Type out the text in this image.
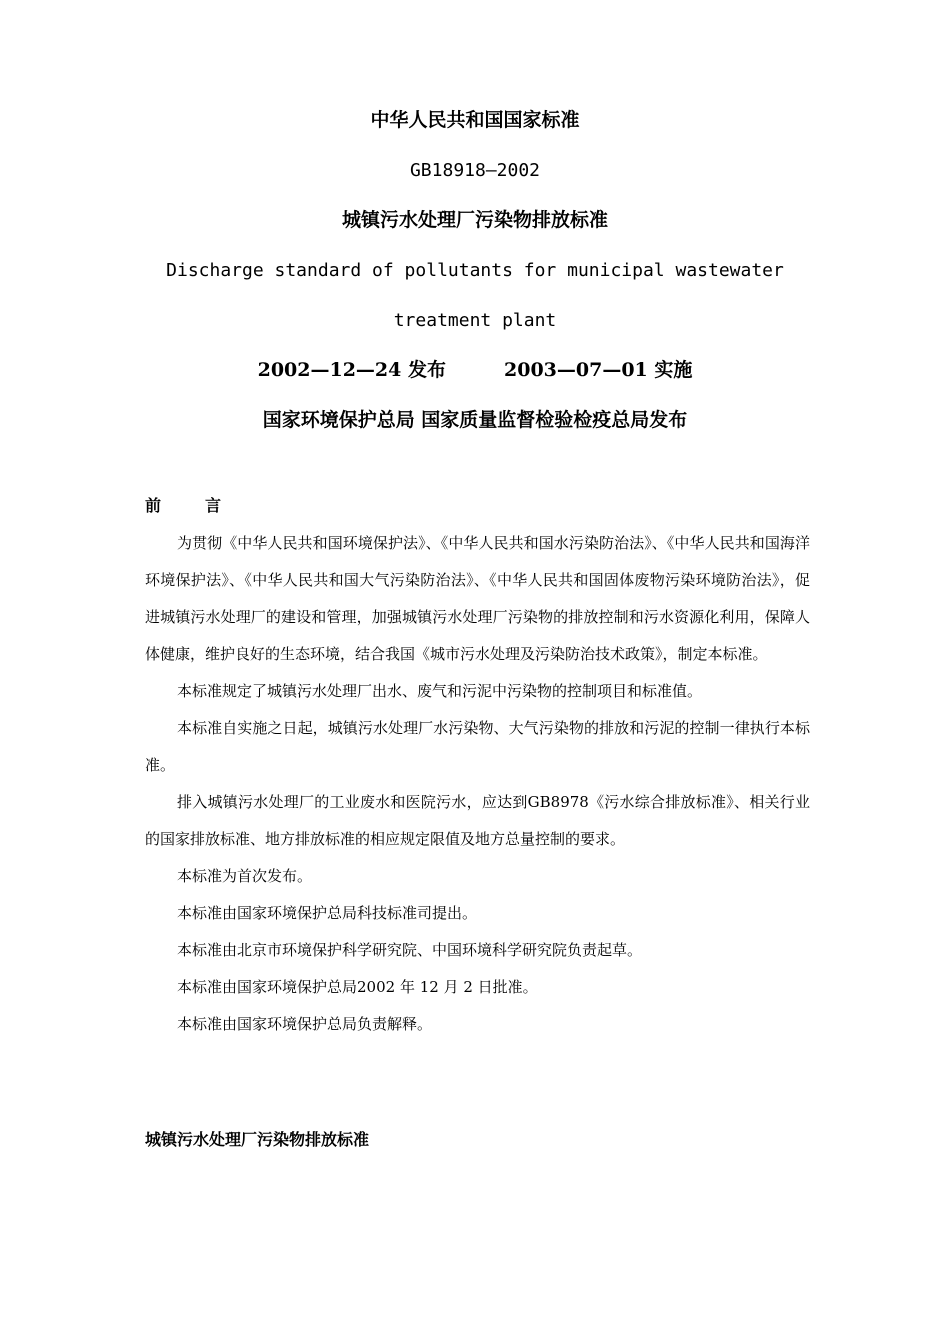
中华人民共和国国家标准
GB18918—2002
城镇污水处理厂污染物排放标准
Discharge standard of pollutants for municipal wastewater
treatment plant
2002—12—24 发布	2003—07—01 实施
国家环境保护总局 国家质量监督检验检疫总局发布
前言

为贯彻《中华人民共和国环境保护法》、《中华人民共和国水污染防治法》、《中华人民共和国海洋环境保护法》、《中华人民共和国大气污染防治法》、《中华人民共和国固体废物污染环境防治法》，促进城镇污水处理厂的建设和管理，加强城镇污水处理厂污染物的排放控制和污水资源化利用，保障人体健康，维护良好的生态环境，结合我国《城市污水处理及污染防治技术政策》，制定本标准。

本标准规定了城镇污水处理厂出水、废气和污泥中污染物的控制项目和标准值。

本标准自实施之日起，城镇污水处理厂水污染物、大气污染物的排放和污泥的控制一律执行本标准。

排入城镇污水处理厂的工业废水和医院污水，应达到GB8978《污水综合排放标准》、相关行业的国家排放标准、地方排放标准的相应规定限值及地方总量控制的要求。

本标准为首次发布。

本标准由国家环境保护总局科技标准司提出。

本标准由北京市环境保护科学研究院、中国环境科学研究院负责起草。

本标准由国家环境保护总局2002 年 12 月 2 日批准。

本标准由国家环境保护总局负责解释。

城镇污水处理厂污染物排放标准
